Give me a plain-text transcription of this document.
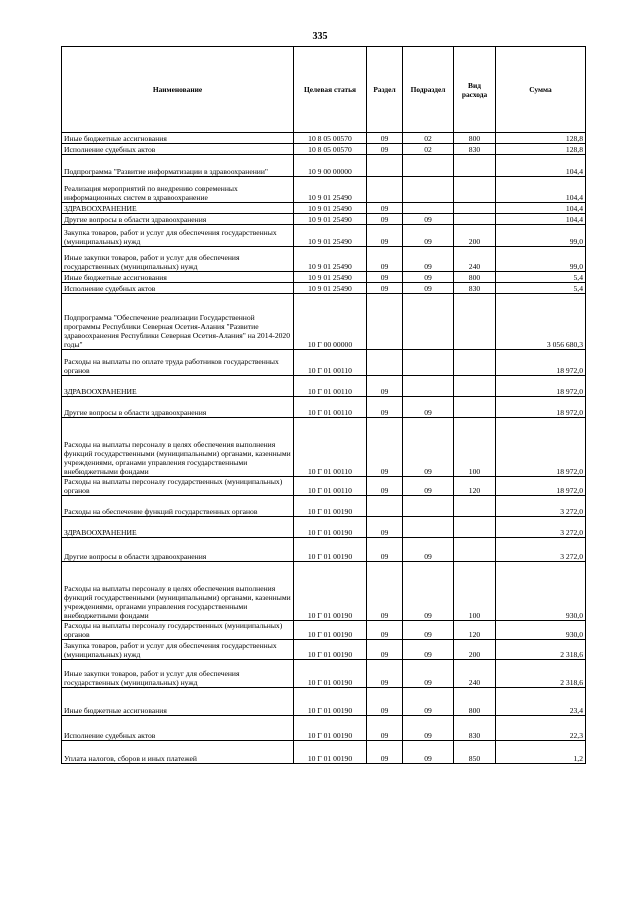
335
Наименование	Целевая статья	Раздел	Подраздел	Вид расхода	Сумма
Иные бюджетные ассигнования	10 8 05 00570	09	02	800	128,8
Исполнение судебных актов	10 8 05 00570	09	02	830	128,8
Подпрограмма "Развитие информатизации в здравоохранении"	10 9 00 00000				104,4
Реализация мероприятий по внедрению современных информационных систем в здравоохранение	10 9 01 25490				104,4
ЗДРАВООХРАНЕНИЕ	10 9 01 25490	09			104,4
Другие вопросы в области здравоохранения	10 9 01 25490	09	09		104,4
Закупка товаров, работ и услуг для обеспечения государственных (муниципальных) нужд	10 9 01 25490	09	09	200	99,0
Иные закупки товаров, работ и услуг для обеспечения государственных (муниципальных) нужд	10 9 01 25490	09	09	240	99,0
Иные бюджетные ассигнования	10 9 01 25490	09	09	800	5,4
Исполнение судебных актов	10 9 01 25490	09	09	830	5,4
Подпрограмма "Обеспечение реализации Государственной программы Республики Северная Осетия-Алания "Развитие здравоохранения Республики Северная Осетия-Алания" на 2014-2020 годы"	10 Г 00 00000				3 056 680,3
Расходы на выплаты по оплате труда работников государственных органов	10 Г 01 00110				18 972,0
ЗДРАВООХРАНЕНИЕ	10 Г 01 00110	09			18 972,0
Другие вопросы в области здравоохранения	10 Г 01 00110	09	09		18 972,0
Расходы на выплаты персоналу в целях обеспечения выполнения функций государственными (муниципальными) органами, казенными учреждениями, органами управления государственными внебюджетными фондами	10 Г 01 00110	09	09	100	18 972,0
Расходы на выплаты персоналу государственных (муниципальных) органов	10 Г 01 00110	09	09	120	18 972,0
Расходы на обеспечение функций государственных органов	10 Г 01 00190				3 272,0
ЗДРАВООХРАНЕНИЕ	10 Г 01 00190	09			3 272,0
Другие вопросы в области здравоохранения	10 Г 01 00190	09	09		3 272,0
Расходы на выплаты персоналу в целях обеспечения выполнения функций государственными (муниципальными) органами, казенными учреждениями, органами управления государственными внебюджетными фондами	10 Г 01 00190	09	09	100	930,0
Расходы на выплаты персоналу государственных (муниципальных) органов	10 Г 01 00190	09	09	120	930,0
Закупка товаров, работ и услуг для обеспечения государственных (муниципальных) нужд	10 Г 01 00190	09	09	200	2 318,6
Иные закупки товаров, работ и услуг для обеспечения государственных (муниципальных) нужд	10 Г 01 00190	09	09	240	2 318,6
Иные бюджетные ассигнования	10 Г 01 00190	09	09	800	23,4
Исполнение судебных актов	10 Г 01 00190	09	09	830	22,3
Уплата налогов, сборов и иных платежей	10 Г 01 00190	09	09	850	1,2
